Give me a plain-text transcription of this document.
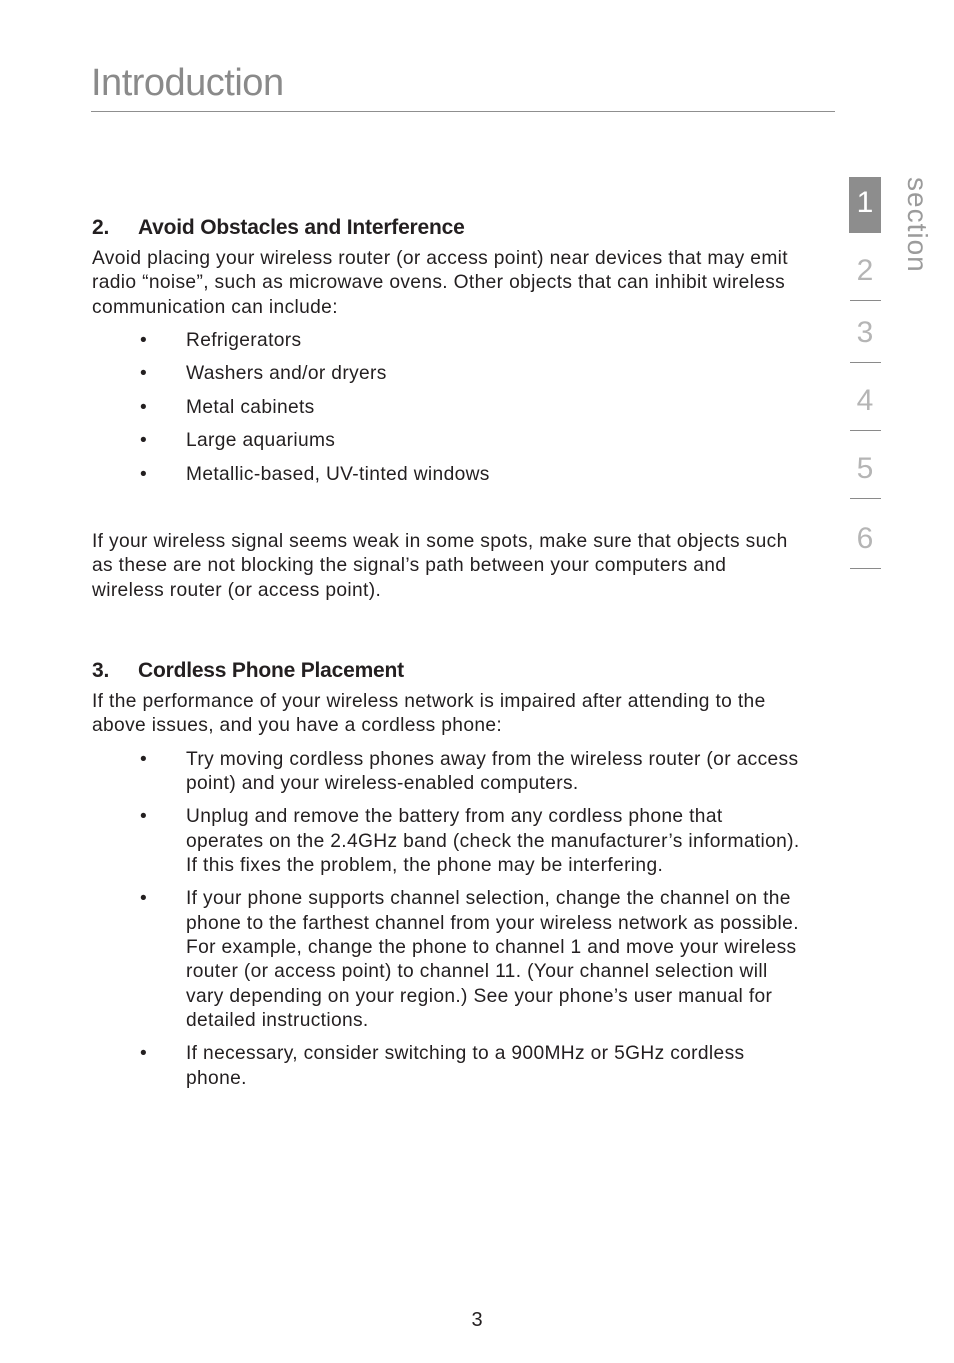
Introduction
section
1
2
3
4
5
6
2.	Avoid Obstacles and Interference

Avoid placing your wireless router (or access point) near devices that may emit radio “noise”, such as microwave ovens. Other objects that can inhibit wireless communication can include:

• Refrigerators
• Washers and/or dryers
• Metal cabinets
• Large aquariums
• Metallic-based, UV-tinted windows

If your wireless signal seems weak in some spots, make sure that objects such as these are not blocking the signal’s path between your computers and wireless router (or access point).

3.	Cordless Phone Placement

If the performance of your wireless network is impaired after attending to the above issues, and you have a cordless phone:

• Try moving cordless phones away from the wireless router (or access point) and your wireless-enabled computers.
• Unplug and remove the battery from any cordless phone that operates on the 2.4GHz band (check the manufacturer’s information). If this fixes the problem, the phone may be interfering.
• If your phone supports channel selection, change the channel on the phone to the farthest channel from your wireless network as possible. For example, change the phone to channel 1 and move your wireless router (or access point) to channel 11. (Your channel selection will vary depending on your region.) See your phone’s user manual for detailed instructions.
• If necessary, consider switching to a 900MHz or 5GHz cordless phone.
3
